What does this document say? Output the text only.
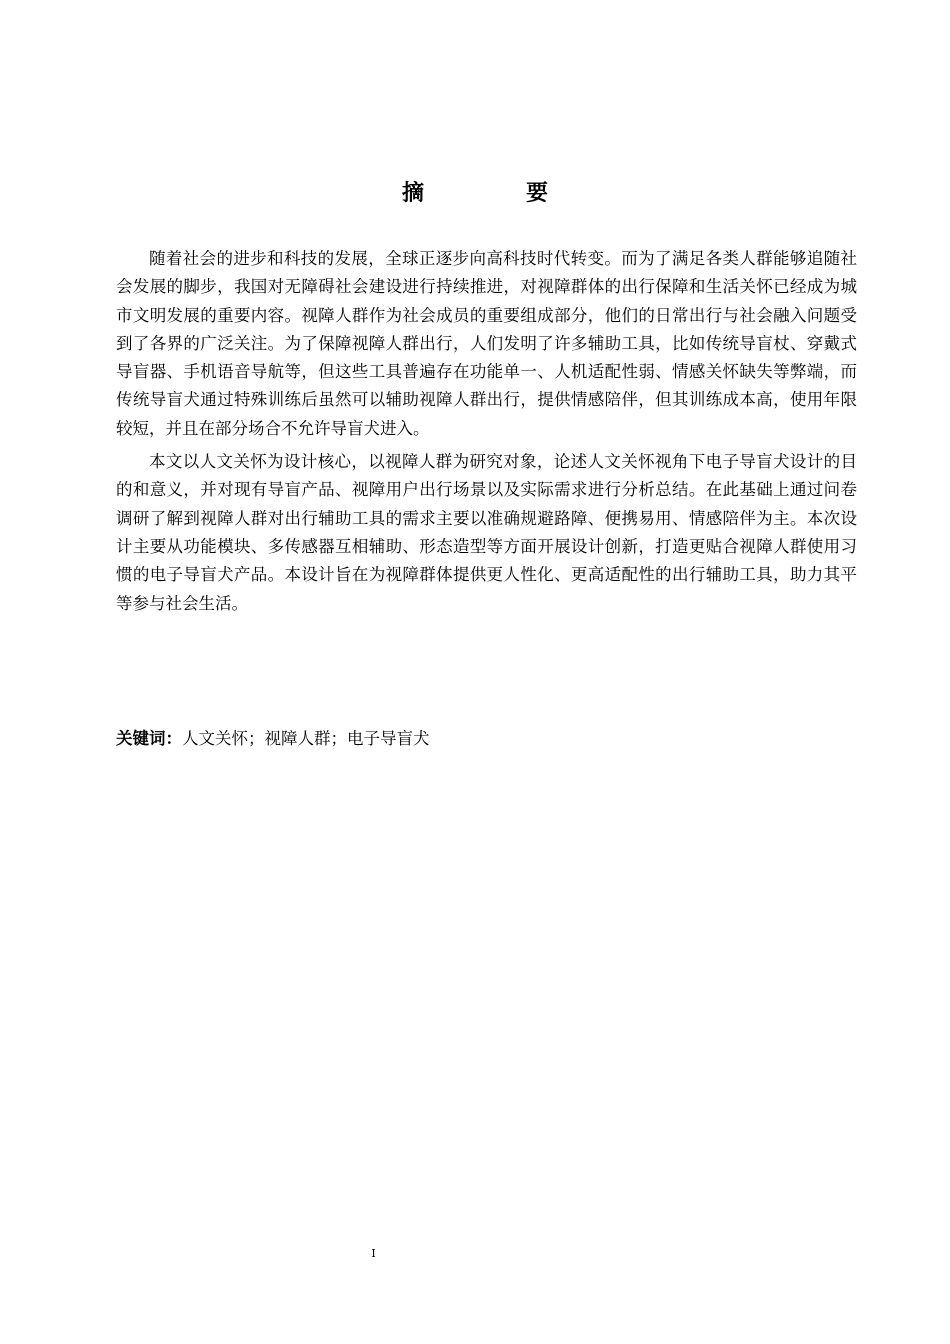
摘　要

随着社会的进步和科技的发展，全球正逐步向高科技时代转变。而为了满足各类人群能够追随社会发展的脚步，我国对无障碍社会建设进行持续推进，对视障群体的出行保障和生活关怀已经成为城市文明发展的重要内容。视障人群作为社会成员的重要组成部分，他们的日常出行与社会融入问题受到了各界的广泛关注。为了保障视障人群出行，人们发明了许多辅助工具，比如传统导盲杖、穿戴式导盲器、手机语音导航等，但这些工具普遍存在功能单一、人机适配性弱、情感关怀缺失等弊端，而传统导盲犬通过特殊训练后虽然可以辅助视障人群出行，提供情感陪伴，但其训练成本高，使用年限较短，并且在部分场合不允许导盲犬进入。

本文以人文关怀为设计核心，以视障人群为研究对象，论述人文关怀视角下电子导盲犬设计的目的和意义，并对现有导盲产品、视障用户出行场景以及实际需求进行分析总结。在此基础上通过问卷调研了解到视障人群对出行辅助工具的需求主要以准确规避路障、便携易用、情感陪伴为主。本次设计主要从功能模块、多传感器互相辅助、形态造型等方面开展设计创新，打造更贴合视障人群使用习惯的电子导盲犬产品。本设计旨在为视障群体提供更人性化、更高适配性的出行辅助工具，助力其平等参与社会生活。

关键词：人文关怀；视障人群；电子导盲犬

I
